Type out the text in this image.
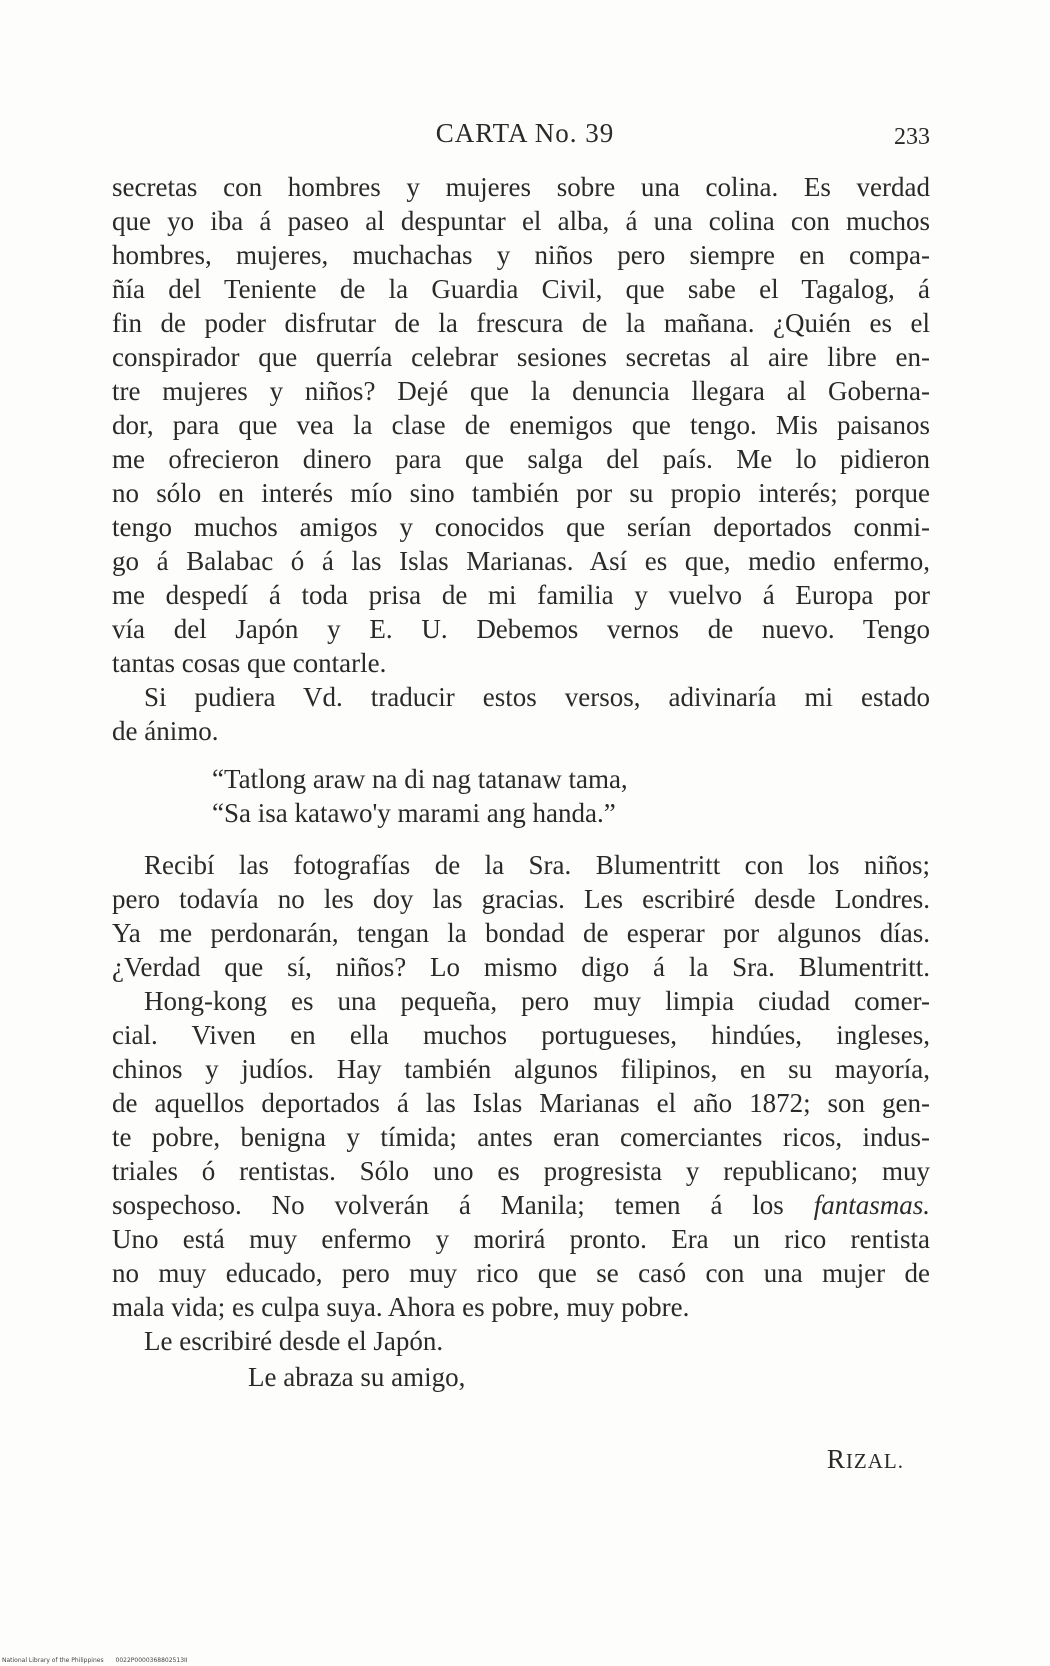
CARTA No. 39	233
secretas con hombres y mujeres sobre una colina. Es verdad
que yo iba á paseo al despuntar el alba, á una colina con muchos
hombres, mujeres, muchachas y niños pero siempre en compa-
ñía del Teniente de la Guardia Civil, que sabe el Tagalog, á
fin de poder disfrutar de la frescura de la mañana. ¿Quién es el
conspirador que querría celebrar sesiones secretas al aire libre en-
tre mujeres y niños? Dejé que la denuncia llegara al Goberna-
dor, para que vea la clase de enemigos que tengo. Mis paisanos
me ofrecieron dinero para que salga del país. Me lo pidieron
no sólo en interés mío sino también por su propio interés; porque
tengo muchos amigos y conocidos que serían deportados conmi-
go á Balabac ó á las Islas Marianas. Así es que, medio enfermo,
me despedí á toda prisa de mi familia y vuelvo á Europa por
vía del Japón y E. U. Debemos vernos de nuevo. Tengo
tantas cosas que contarle.
Si pudiera Vd. traducir estos versos, adivinaría mi estado
de ánimo.
“Tatlong araw na di nag tatanaw tama,
“Sa isa katawo'y marami ang handa.”
Recibí las fotografías de la Sra. Blumentritt con los niños;
pero todavía no les doy las gracias. Les escribiré desde Londres.
Ya me perdonarán, tengan la bondad de esperar por algunos días.
¿Verdad que sí, niños? Lo mismo digo á la Sra. Blumentritt.
Hong-kong es una pequeña, pero muy limpia ciudad comer-
cial. Viven en ella muchos portugueses, hindúes, ingleses,
chinos y judíos. Hay también algunos filipinos, en su mayoría,
de aquellos deportados á las Islas Marianas el año 1872; son gen-
te pobre, benigna y tímida; antes eran comerciantes ricos, indus-
triales ó rentistas. Sólo uno es progresista y republicano; muy
sospechoso. No volverán á Manila; temen á los fantasmas.
Uno está muy enfermo y morirá pronto. Era un rico rentista
no muy educado, pero muy rico que se casó con una mujer de
mala vida; es culpa suya. Ahora es pobre, muy pobre.
Le escribiré desde el Japón.
Le abraza su amigo,
RIZAL.
National Library of the Philippines 0022P0000368802513II
